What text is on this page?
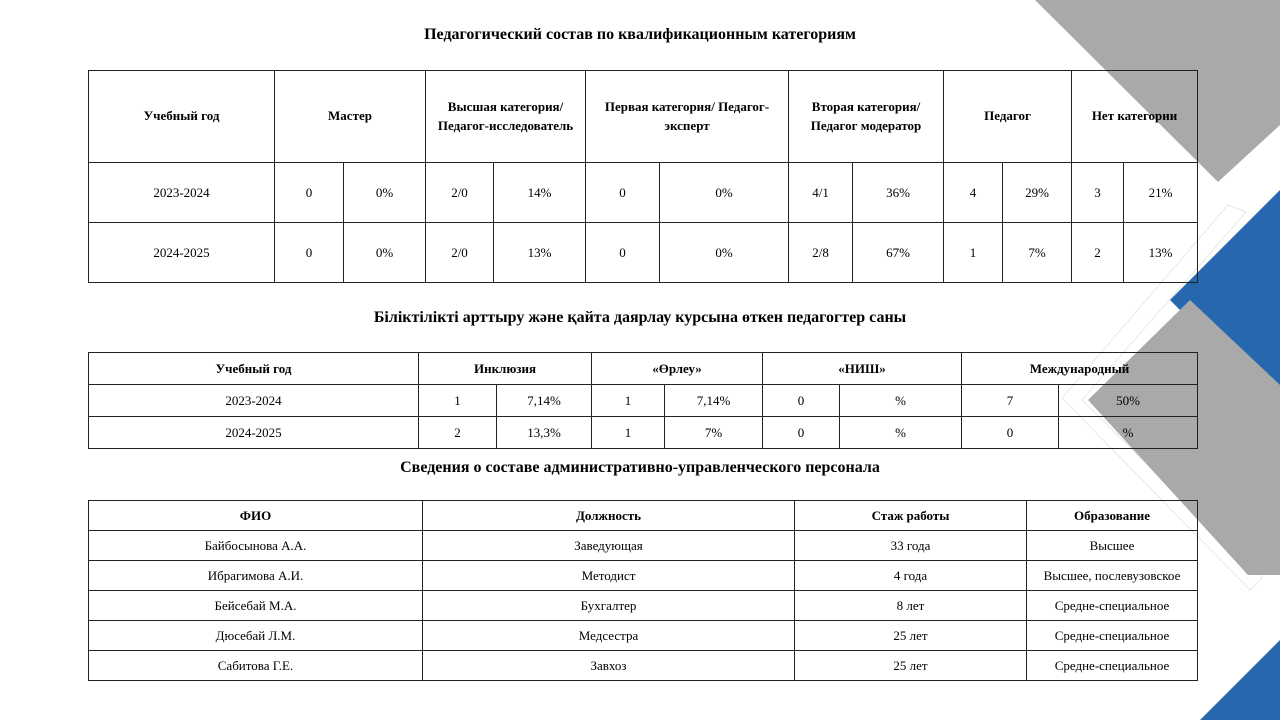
Педагогический состав по квалификационным категориям
Учебный год	Мастер		Высшая категория/ Педагог-исследователь		Первая категория/ Педагог-эксперт		Вторая категория/ Педагог модератор		Педагог		Нет категории	
2023-2024	0	0%	2/0	14%	0	0%	4/1	36%	4	29%	3	21%
2024-2025	0	0%	2/0	13%	0	0%	2/8	67%	1	7%	2	13%
Біліктілікті арттыру және қайта даярлау курсына өткен педагогтер саны
Учебный год	Инклюзия		«Өрлеу»		«НИШ»		Международный	
2023-2024	1	7,14%	1	7,14%	0	%	7	50%
2024-2025	2	13,3%	1	7%	0	%	0	%
Сведения о составе административно-управленческого персонала
ФИО	Должность	Стаж работы	Образование
Байбосынова А.А.	Заведующая	33 года	Высшее
Ибрагимова А.И.	Методист	4 года	Высшее, послевузовское
Бейсебай М.А.	Бухгалтер	8 лет	Средне-специальное
Дюсебай Л.М.	Медсестра	25 лет	Средне-специальное
Сабитова Г.Е.	Завхоз	25 лет	Средне-специальное
